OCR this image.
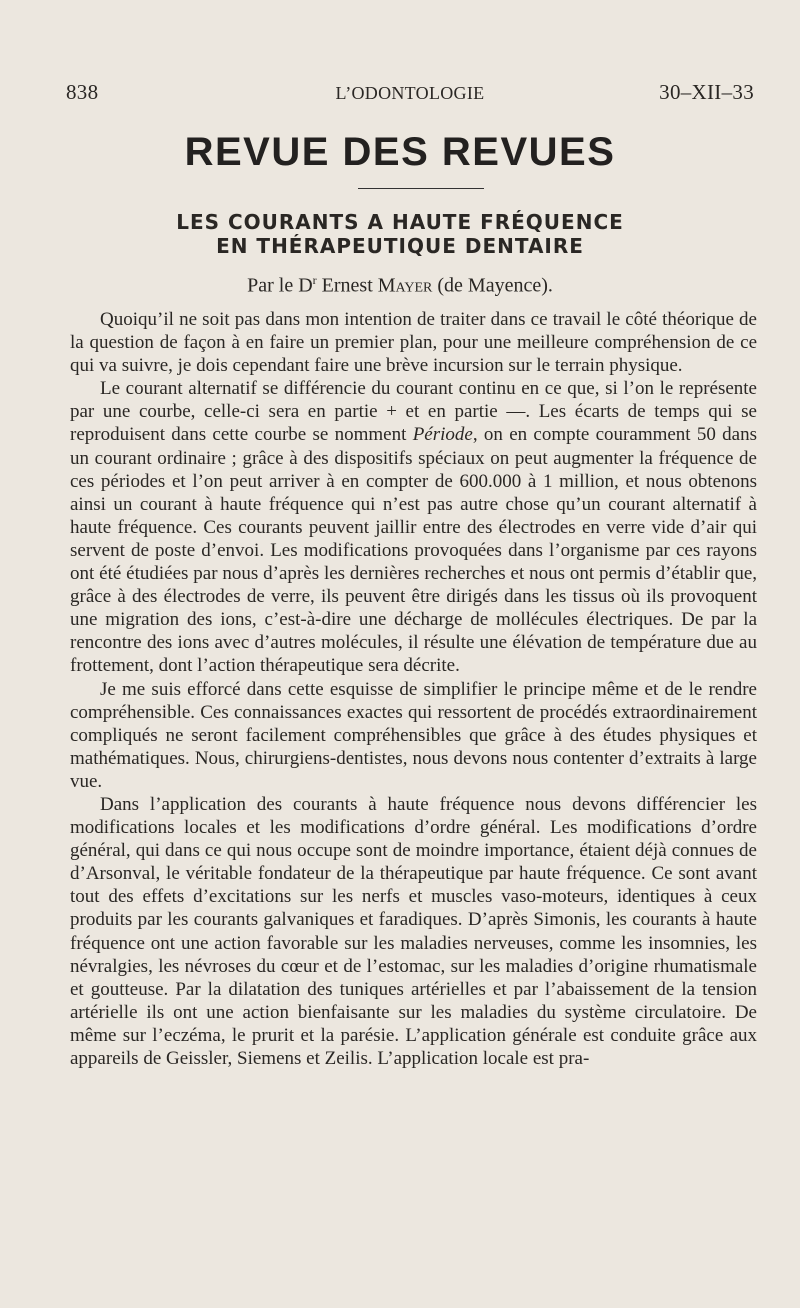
838	L’ODONTOLOGIE	30–XII–33
REVUE DES REVUES
LES COURANTS A HAUTE FRÉQUENCE
EN THÉRAPEUTIQUE DENTAIRE
Par le $D^r$ Ernest Mayer (de Mayence).

Quoiqu’il ne soit pas dans mon intention de traiter dans ce travail le côté théorique de la question de façon à en faire un premier plan, pour une meilleure compréhension de ce qui va suivre, je dois cependant faire une brève incursion sur le terrain physique.

Le courant alternatif se différencie du courant continu en ce que, si l’on le représente par une courbe, celle-ci sera en partie + et en partie —. Les écarts de temps qui se reproduisent dans cette courbe se nomment Période, on en compte couramment 50 dans un courant ordinaire ; grâce à des dispositifs spéciaux on peut augmenter la fréquence de ces périodes et l’on peut arriver à en compter de 600.000 à 1 million, et nous obtenons ainsi un courant à haute fréquence qui n’est pas autre chose qu’un courant alternatif à haute fréquence. Ces courants peuvent jaillir entre des électrodes en verre vide d’air qui servent de poste d’envoi. Les modifications provoquées dans l’organisme par ces rayons ont été étudiées par nous d’après les dernières recherches et nous ont permis d’établir que, grâce à des électrodes de verre, ils peuvent être dirigés dans les tissus où ils provoquent une migration des ions, c’est-à-dire une décharge de mollécules électriques. De par la rencontre des ions avec d’autres molécules, il résulte une élévation de température due au frottement, dont l’action thérapeutique sera décrite.

Je me suis efforcé dans cette esquisse de simplifier le principe même et de le rendre compréhensible. Ces connaissances exactes qui ressortent de procédés extraordinairement compliqués ne seront facilement compréhensibles que grâce à des études physiques et mathématiques. Nous, chirurgiens-dentistes, nous devons nous contenter d’extraits à large vue.

Dans l’application des courants à haute fréquence nous devons différencier les modifications locales et les modifications d’ordre général. Les modifications d’ordre général, qui dans ce qui nous occupe sont de moindre importance, étaient déjà connues de d’Arsonval, le véritable fondateur de la thérapeutique par haute fréquence. Ce sont avant tout des effets d’excitations sur les nerfs et muscles vaso-moteurs, identiques à ceux produits par les courants galvaniques et faradiques. D’après Simonis, les courants à haute fréquence ont une action favorable sur les maladies nerveuses, comme les insomnies, les névralgies, les névroses du cœur et de l’estomac, sur les maladies d’origine rhumatismale et goutteuse. Par la dilatation des tuniques artérielles et par l’abaissement de la tension artérielle ils ont une action bienfaisante sur les maladies du système circulatoire. De même sur l’eczéma, le prurit et la parésie. L’application générale est conduite grâce aux appareils de Geissler, Siemens et Zeilis. L’application locale est pra-
